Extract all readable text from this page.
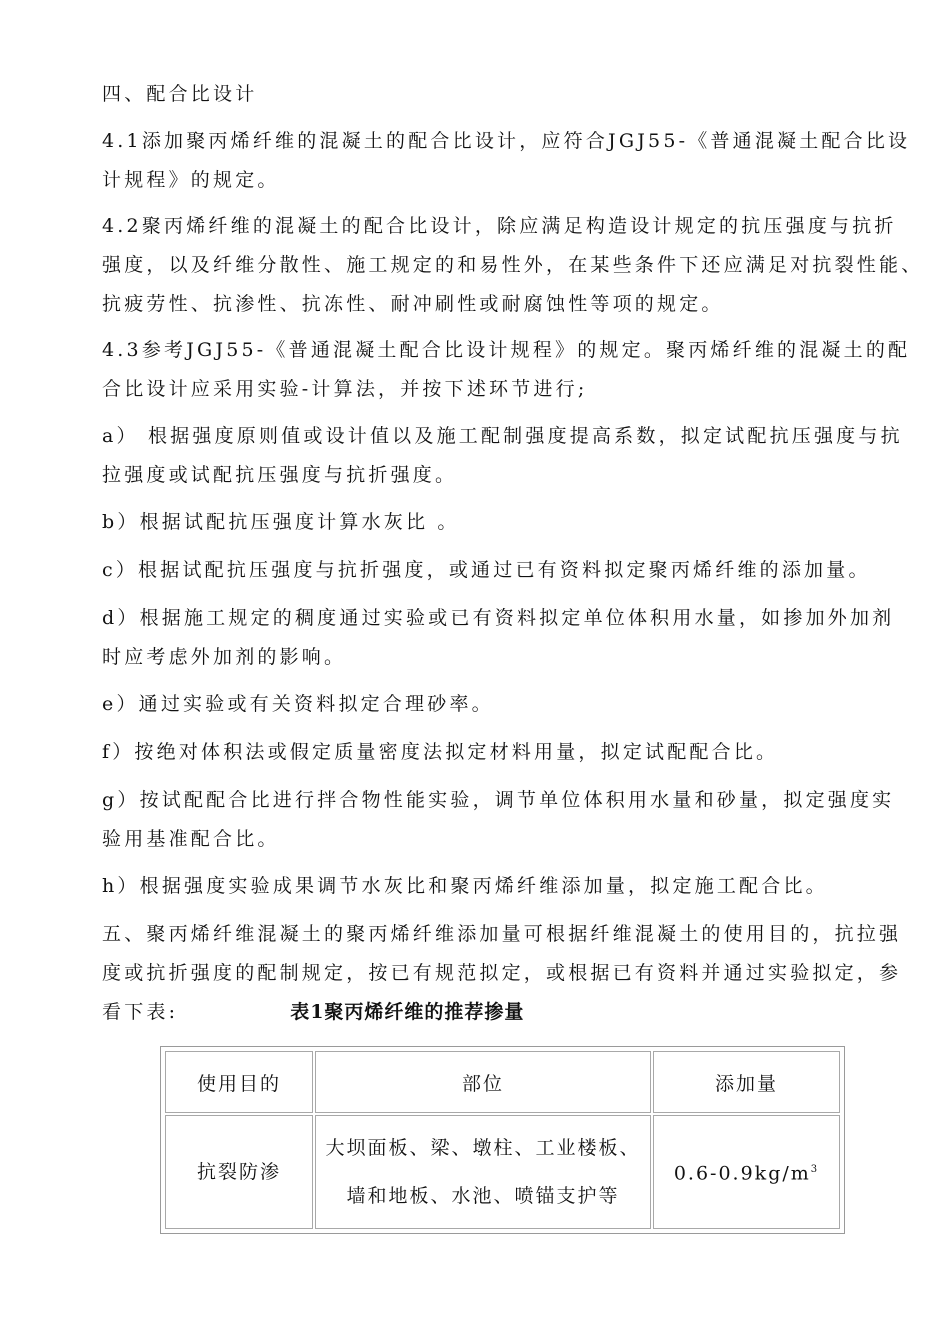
四、配合比设计

4.1添加聚丙烯纤维的混凝土的配合比设计，应符合JGJ55-《普通混凝土配合比设
计规程》的规定。

4.2聚丙烯纤维的混凝土的配合比设计，除应满足构造设计规定的抗压强度与抗折
强度，以及纤维分散性、施工规定的和易性外，在某些条件下还应满足对抗裂性能、
抗疲劳性、抗渗性、抗冻性、耐冲刷性或耐腐蚀性等项的规定。

4.3参考JGJ55-《普通混凝土配合比设计规程》的规定。聚丙烯纤维的混凝土的配
合比设计应采用实验-计算法，并按下述环节进行;

a） 根据强度原则值或设计值以及施工配制强度提高系数，拟定试配抗压强度与抗
拉强度或试配抗压强度与抗折强度。

b）根据试配抗压强度计算水灰比 。

c）根据试配抗压强度与抗折强度，或通过已有资料拟定聚丙烯纤维的添加量。

d）根据施工规定的稠度通过实验或已有资料拟定单位体积用水量，如掺加外加剂
时应考虑外加剂的影响。

e）通过实验或有关资料拟定合理砂率。

f）按绝对体积法或假定质量密度法拟定材料用量，拟定试配配合比。

g）按试配配合比进行拌合物性能实验，调节单位体积用水量和砂量，拟定强度实
验用基准配合比。

h）根据强度实验成果调节水灰比和聚丙烯纤维添加量，拟定施工配合比。

五、聚丙烯纤维混凝土的聚丙烯纤维添加量可根据纤维混凝土的使用目的，抗拉强
度或抗折强度的配制规定，按已有规范拟定，或根据已有资料并通过实验拟定，参
看下表:	表1聚丙烯纤维的推荐掺量

使用目的	部位	添加量
抗裂防渗	大坝面板、梁、墩柱、工业楼板、
墙和地板、水池、喷锚支护等	$0.6-0.9kg/m^3$
